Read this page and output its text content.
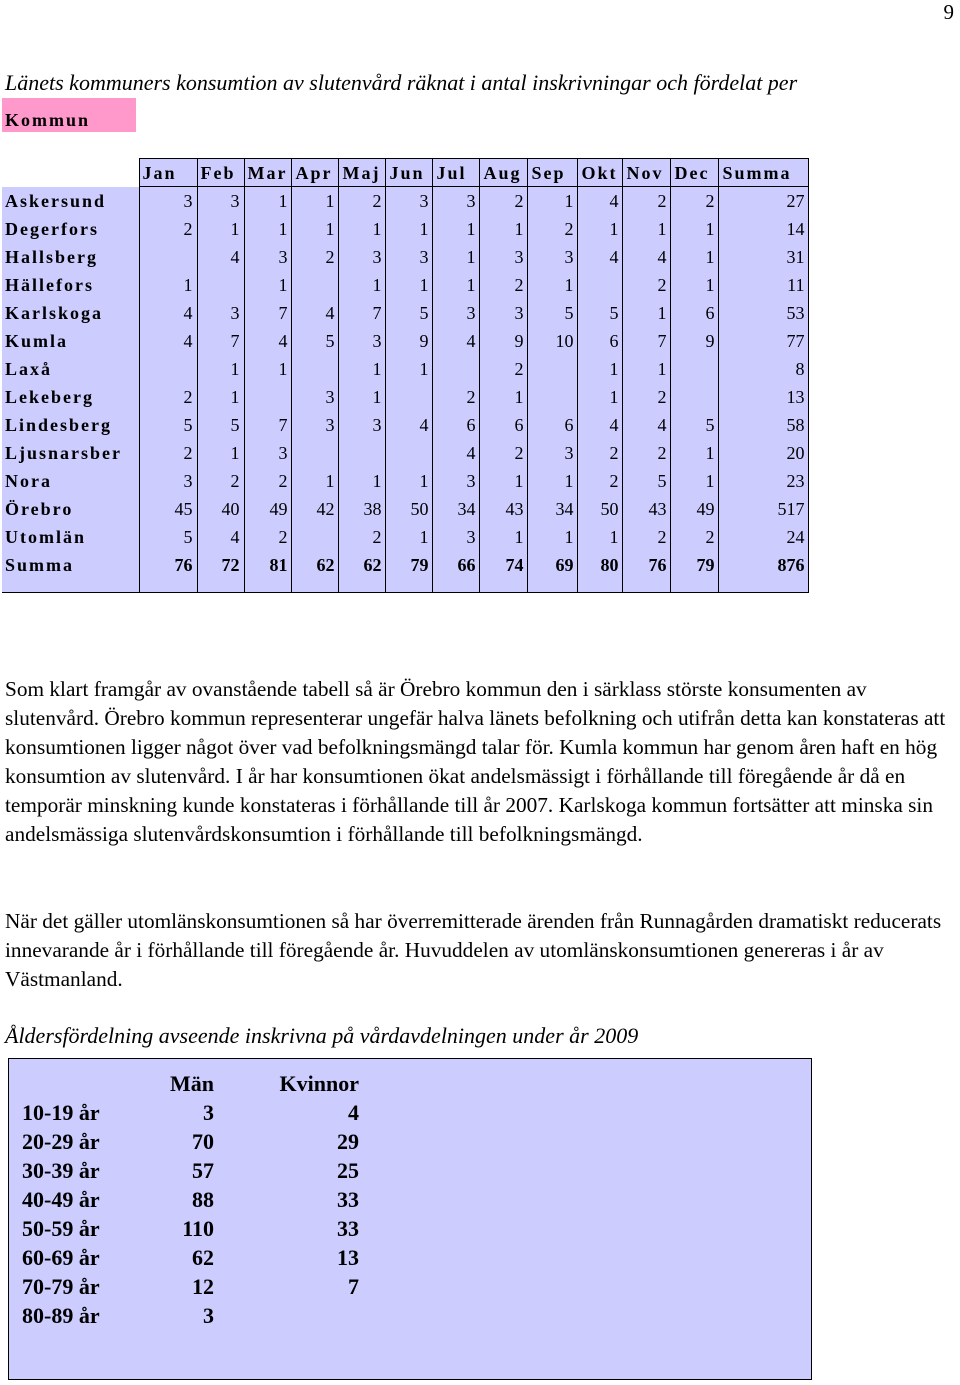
9
Länets kommuners konsumtion av slutenvård räknat i antal inskrivningar och fördelat per
Kommun
	Jan	Feb	Mar	Apr	Maj	Jun	Jul	Aug	Sep	Okt	Nov	Dec	Summa
Askersund	3	3	1	1	2	3	3	2	1	4	2	2	27
Degerfors	2	1	1	1	1	1	1	1	2	1	1	1	14
Hallsberg		4	3	2	3	3	1	3	3	4	4	1	31
Hällefors	1		1		1	1	1	2	1		2	1	11
Karlskoga	4	3	7	4	7	5	3	3	5	5	1	6	53
Kumla	4	7	4	5	3	9	4	9	10	6	7	9	77
Laxå		1	1		1	1		2		1	1		8
Lekeberg	2	1		3	1		2	1		1	2		13
Lindesberg	5	5	7	3	3	4	6	6	6	4	4	5	58
Ljusnarsber	2	1	3				4	2	3	2	2	1	20
Nora	3	2	2	1	1	1	3	1	1	2	5	1	23
Örebro	45	40	49	42	38	50	34	43	34	50	43	49	517
Utomlän	5	4	2		2	1	3	1	1	1	2	2	24
Summa	76	72	81	62	62	79	66	74	69	80	76	79	876
Som klart framgår av ovanstående tabell så är Örebro kommun den i särklass störste konsumenten av slutenvård. Örebro kommun representerar ungefär halva länets befolkning och utifrån detta kan konstateras att konsumtionen ligger något över vad befolkningsmängd talar för. Kumla kommun har genom åren haft en hög konsumtion av slutenvård. I år har konsumtionen ökat andelsmässigt i förhållande till föregående år då en temporär minskning kunde konstateras i förhållande till år 2007. Karlskoga kommun fortsätter att minska sin andelsmässiga slutenvårdskonsumtion i förhållande till befolkningsmängd.
När det gäller utomlänskonsumtionen så har överremitterade ärenden från Runnagården dramatiskt reducerats innevarande år i förhållande till föregående år. Huvuddelen av utomlänskonsumtionen genereras i år av Västmanland.
Åldersfördelning avseende inskrivna på vårdavdelningen under år 2009
	Män	Kvinnor
10-19 år	3	4
20-29 år	70	29
30-39 år	57	25
40-49 år	88	33
50-59 år	110	33
60-69 år	62	13
70-79 år	12	7
80-89 år	3	
